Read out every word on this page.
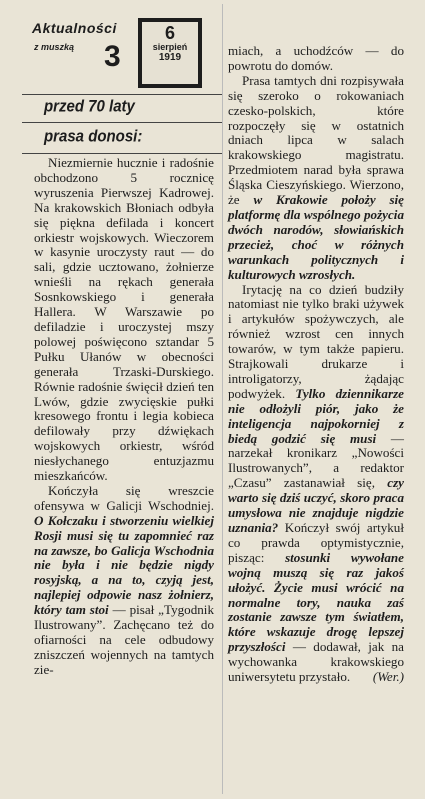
Aktualności
z muszką 3
6
sierpień
1919
przed 70 laty
prasa donosi:

Niezmiernie hucznie i radośnie obchodzono 5 rocznicę wyruszenia Pierwszej Kadrowej. Na krakowskich Błoniach odbyła się piękna defilada i koncert orkiestr wojskowych. Wieczorem w kasynie uroczysty raut — do sali, gdzie ucztowano, żołnierze wnieśli na rękach generała Sosnkowskiego i generała Hallera. W Warszawie po defiladzie i uroczystej mszy polowej poświęcono sztandar 5 Pułku Ułanów w obecności generała Trzaski-Durskiego. Równie radośnie święcił dzień ten Lwów, gdzie zwycięskie pułki kresowego frontu i legia kobieca defilowały przy dźwiękach wojskowych orkiestr, wśród niesłychanego entuzjazmu mieszkańców.

Kończyła się wreszcie ofensywa w Galicji Wschodniej. O Kołczaku i stworzeniu wielkiej Rosji musi się tu zapomnieć raz na zawsze, bo Galicja Wschodnia nie była i nie będzie nigdy rosyjską, a na to, czyją jest, najlepiej odpowie nasz żołnierz, który tam stoi — pisał „Tygodnik Ilustrowany”. Zachęcano też do ofiarności na cele odbudowy zniszczeń wojennych na tamtych zie-

miach, a uchodźców — do powrotu do domów.

Prasa tamtych dni rozpisywała się szeroko o rokowaniach czesko-polskich, które rozpoczęły się w ostatnich dniach lipca w salach krakowskiego magistratu. Przedmiotem narad była sprawa Śląska Cieszyńskiego. Wierzono, że w Krakowie położy się platformę dla wspólnego pożycia dwóch narodów, słowiańskich przecież, choć w różnych warunkach politycznych i kulturowych wzrosłych.

Irytację na co dzień budziły natomiast nie tylko braki używek i artykułów spożywczych, ale również wzrost cen innych towarów, w tym także papieru. Strajkowali drukarze i introligatorzy, żądając podwyżek. Tylko dziennikarze nie odłożyli piór, jako że inteligencja najpokorniej z biedą godzić się musi — narzekał kronikarz „Nowości Ilustrowanych”, a redaktor „Czasu” zastanawiał się, czy warto się dziś uczyć, skoro praca umysłowa nie znajduje nigdzie uznania? Kończył swój artykuł co prawda optymistycznie, pisząc: stosunki wywołane wojną muszą się raz jakoś ułożyć. Życie musi wrócić na normalne tory, nauka zaś zostanie zawsze tym światłem, które wskazuje drogę lepszej przyszłości — dodawał, jak na wychowanka krakowskiego uniwersytetu przystało.	(Wer.)
